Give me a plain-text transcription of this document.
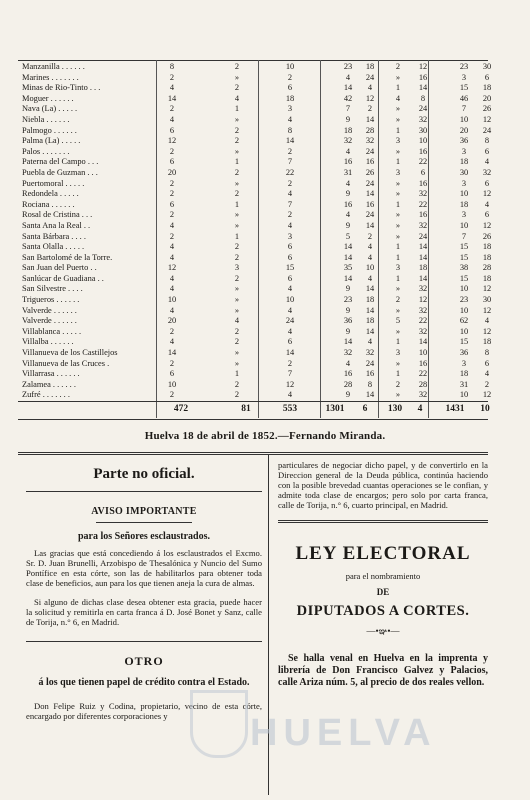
Manzanilla . . . . . .	8	2	10	23	18	2	12	23	30
Marines . . . . . . .	2	»	2	4	24	»	16	3	6
Minas de Rio-Tinto . . .	4	2	6	14	4	1	14	15	18
Moguer . . . . . .	14	4	18	42	12	4	8	46	20
Nava (La) . . . . .	2	1	3	7	2	»	24	7	26
Niebla . . . . . .	4	»	4	9	14	»	32	10	12
Palmogo . . . . . .	6	2	8	18	28	1	30	20	24
Palma (La) . . . . .	12	2	14	32	32	3	10	36	8
Palos . . . . . . .	2	»	2	4	24	»	16	3	6
Paterna del Campo . . .	6	1	7	16	16	1	22	18	4
Puebla de Guzman . . .	20	2	22	31	26	3	6	30	32
Puertomoral . . . . .	2	»	2	4	24	»	16	3	6
Redondela . . . . .	2	2	4	9	14	»	32	10	12
Rociana . . . . . .	6	1	7	16	16	1	22	18	4
Rosal de Cristina . . .	2	»	2	4	24	»	16	3	6
Santa Ana la Real . .	4	»	4	9	14	»	32	10	12
Santa Bárbara . . . .	2	1	3	5	2	»	24	7	26
Santa Olalla . . . . .	4	2	6	14	4	1	14	15	18
San Bartolomé de la Torre.	4	2	6	14	4	1	14	15	18
San Juan del Puerto . .	12	3	15	35	10	3	18	38	28
Sanlúcar de Guadiana . .	4	2	6	14	4	1	14	15	18
San Silvestre . . . .	4	»	4	9	14	»	32	10	12
Trigueros . . . . . .	10	»	10	23	18	2	12	23	30
Valverde . . . . . .	4	»	4	9	14	»	32	10	12
Valverde . . . . . .	20	4	24	36	18	5	22	62	4
Villablanca . . . . .	2	2	4	9	14	»	32	10	12
Villalba . . . . . .	4	2	6	14	4	1	14	15	18
Villanueva de los Castillejos	14	»	14	32	32	3	10	36	8
Villanueva de las Cruces .	2	»	2	4	24	»	16	3	6
Villarrasa . . . . . .	6	1	7	16	16	1	22	18	4
Zalamea . . . . . .	10	2	12	28	8	2	28	31	2
Zufré . . . . . . .	2	2	4	9	14	»	32	10	12
472	81	553	1301	6	130	4	1431	10
Huelva 18 de abril de 1852.—Fernando Miranda.
Parte no oficial.
AVISO IMPORTANTE
para los Señores esclaustrados.

Las gracias que está concediendo á los esclaustrados el Excmo. Sr. D. Juan Brunelli, Arzobispo de Thesalónica y Nuncio del Sumo Pontífice en esta córte, son las de habilitarlos para obtener toda clase de beneficios, aun para los que tienen aneja la cura de almas.

Si alguno de dichas clase desea obtener esta gracia, puede hacer la solicitud y remitirla en carta franca á D. José Bonet y Sanz, calle de Torija, n.° 6, en Madrid.

OTRO
á los que tienen papel de crédito contra el Estado.

Don Felipe Ruiz y Codina, propietario, vecino de esta córte, encargado por diferentes corporaciones y

particulares de negociar dicho papel, y de convertirlo en la Direccion general de la Deuda pública, continúa haciendo con la posible brevedad cuantas operaciones se le confian, y admite toda clase de encargos; pero solo por carta franca, calle de Torija, n.° 6, cuarto principal, en Madrid.

LEY ELECTORAL
para el nombramiento
DE
DIPUTADOS A CORTES.
—•ఞ•—

Se halla venal en Huelva en la imprenta y librería de Don Francisco Galvez y Palacios, calle Ariza núm. 5, al precio de dos reales vellon.

HUELVA
